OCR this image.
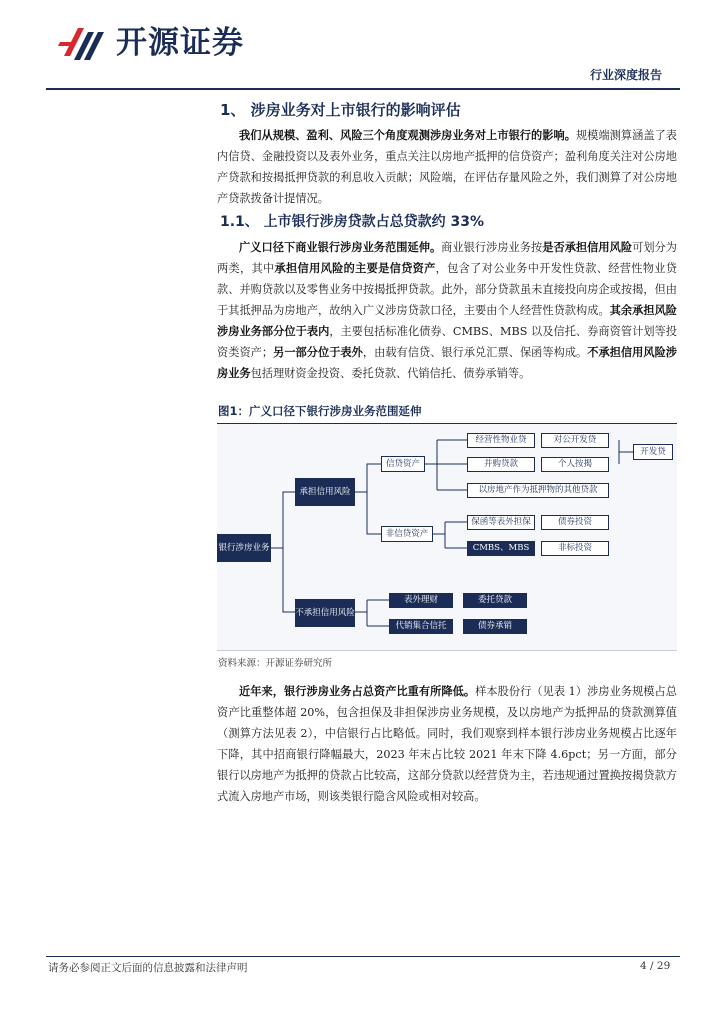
开源证券
行业深度报告
1、 涉房业务对上市银行的影响评估
我们从规模、盈利、风险三个角度观测涉房业务对上市银行的影响。规模端测算涵盖了表内信贷、金融投资以及表外业务，重点关注以房地产抵押的信贷资产；盈利角度关注对公房地产贷款和按揭抵押贷款的利息收入贡献；风险端，在评估存量风险之外，我们测算了对公房地产贷款拨备计提情况。
1.1、 上市银行涉房贷款占总贷款约 33%
广义口径下商业银行涉房业务范围延伸。商业银行涉房业务按是否承担信用风险可划分为两类，其中承担信用风险的主要是信贷资产，包含了对公业务中开发性贷款、经营性物业贷款、并购贷款以及零售业务中按揭抵押贷款。此外，部分贷款虽未直接投向房企或按揭，但由于其抵押品为房地产，故纳入广义涉房贷款口径，主要由个人经营性贷款构成。其余承担风险涉房业务部分位于表内，主要包括标准化债券、CMBS、MBS 以及信托、券商资管计划等投资类资产；另一部分位于表外，由载有信贷、银行承兑汇票、保函等构成。不承担信用风险涉房业务包括理财资金投资、委托贷款、代销信托、债券承销等。
图1：广义口径下银行涉房业务范围延伸
银行涉房业务
承担信用风险
不承担信用风险
信贷资产
非信贷资产
经营性物业贷	对公开发贷
并购贷款	个人按揭
开发贷
以房地产作为抵押物的其他贷款
保函等表外担保	债券投资
CMBS、MBS	非标投资
表外理财	委托贷款
代销集合信托	债券承销
资料来源：开源证券研究所
近年来，银行涉房业务占总资产比重有所降低。样本股份行（见表 1）涉房业务规模占总资产比重整体超 20%，包含担保及非担保涉房业务规模，及以房地产为抵押品的贷款测算值（测算方法见表 2），中信银行占比略低。同时，我们观察到样本银行涉房业务规模占比逐年下降，其中招商银行降幅最大，2023 年末占比较 2021 年末下降 4.6pct；另一方面，部分银行以房地产为抵押的贷款占比较高，这部分贷款以经营贷为主，若违规通过置换按揭贷款方式流入房地产市场，则该类银行隐含风险或相对较高。
请务必参阅正文后面的信息披露和法律声明	4 / 29
